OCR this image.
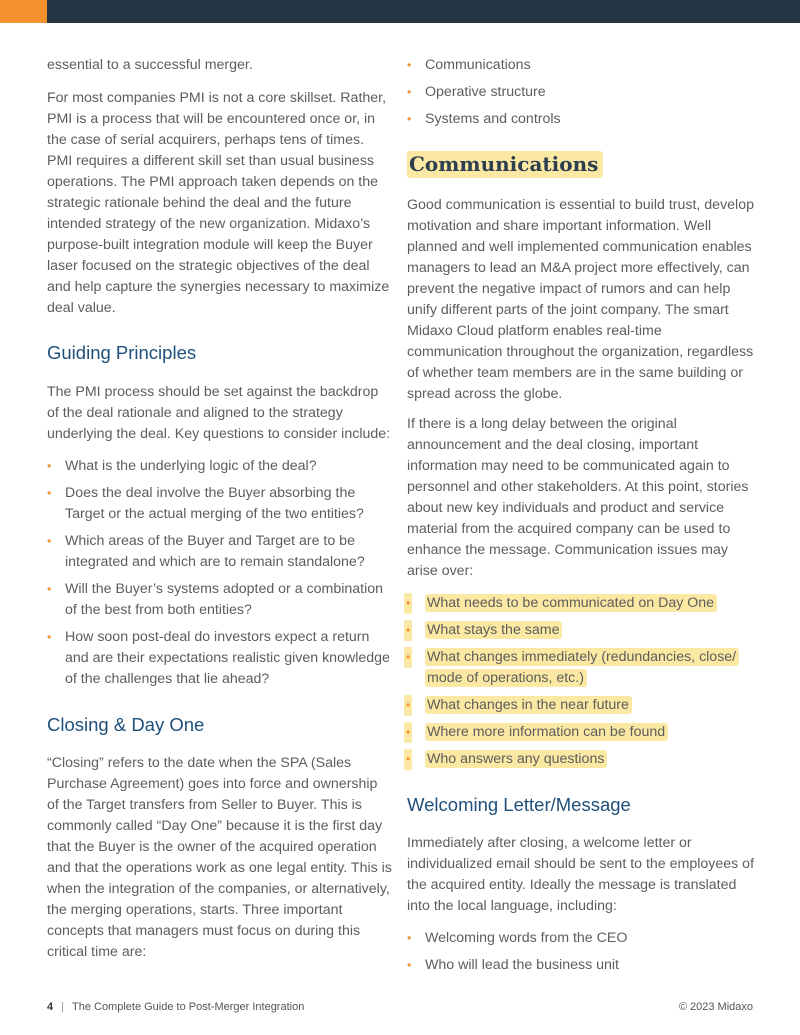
essential to a successful merger.

For most companies PMI is not a core skillset. Rather, PMI is a process that will be encountered once or, in the case of serial acquirers, perhaps tens of times. PMI requires a different skill set than usual business operations. The PMI approach taken depends on the strategic rationale behind the deal and the future intended strategy of the new organization. Midaxo’s purpose-built integration module will keep the Buyer laser focused on the strategic objectives of the deal and help capture the synergies necessary to maximize deal value.

Guiding Principles

The PMI process should be set against the backdrop of the deal rationale and aligned to the strategy underlying the deal. Key questions to consider include:

• What is the underlying logic of the deal?
• Does the deal involve the Buyer absorbing the Target or the actual merging of the two entities?
• Which areas of the Buyer and Target are to be integrated and which are to remain standalone?
• Will the Buyer’s systems adopted or a combination of the best from both entities?
• How soon post-deal do investors expect a return and are their expectations realistic given knowledge of the challenges that lie ahead?
Closing & Day One

“Closing” refers to the date when the SPA (Sales Purchase Agreement) goes into force and ownership of the Target transfers from Seller to Buyer. This is commonly called “Day One” because it is the first day that the Buyer is the owner of the acquired operation and that the operations work as one legal entity. This is when the integration of the companies, or alternatively, the merging operations, starts. Three important concepts that managers must focus on during this critical time are:

• Communications
• Operative structure
• Systems and controls
Communications

Good communication is essential to build trust, develop motivation and share important information. Well planned and well implemented communication enables managers to lead an M&A project more effectively, can prevent the negative impact of rumors and can help unify different parts of the joint company. The smart Midaxo Cloud platform enables real-time communication throughout the organization, regardless of whether team members are in the same building or spread across the globe.

If there is a long delay between the original announcement and the deal closing, important information may need to be communicated again to personnel and other stakeholders. At this point, stories about new key individuals and product and service material from the acquired company can be used to enhance the message. Communication issues may arise over:

• What needs to be communicated on Day One
• What stays the same
• What changes immediately (redundancies, close/ mode of operations, etc.)
• What changes in the near future
• Where more information can be found
• Who answers any questions
Welcoming Letter/Message

Immediately after closing, a welcome letter or individualized email should be sent to the employees of the acquired entity. Ideally the message is translated into the local language, including:

• Welcoming words from the CEO
• Who will lead the business unit
4 | The Complete Guide to Post-Merger Integration	© 2023 Midaxo
